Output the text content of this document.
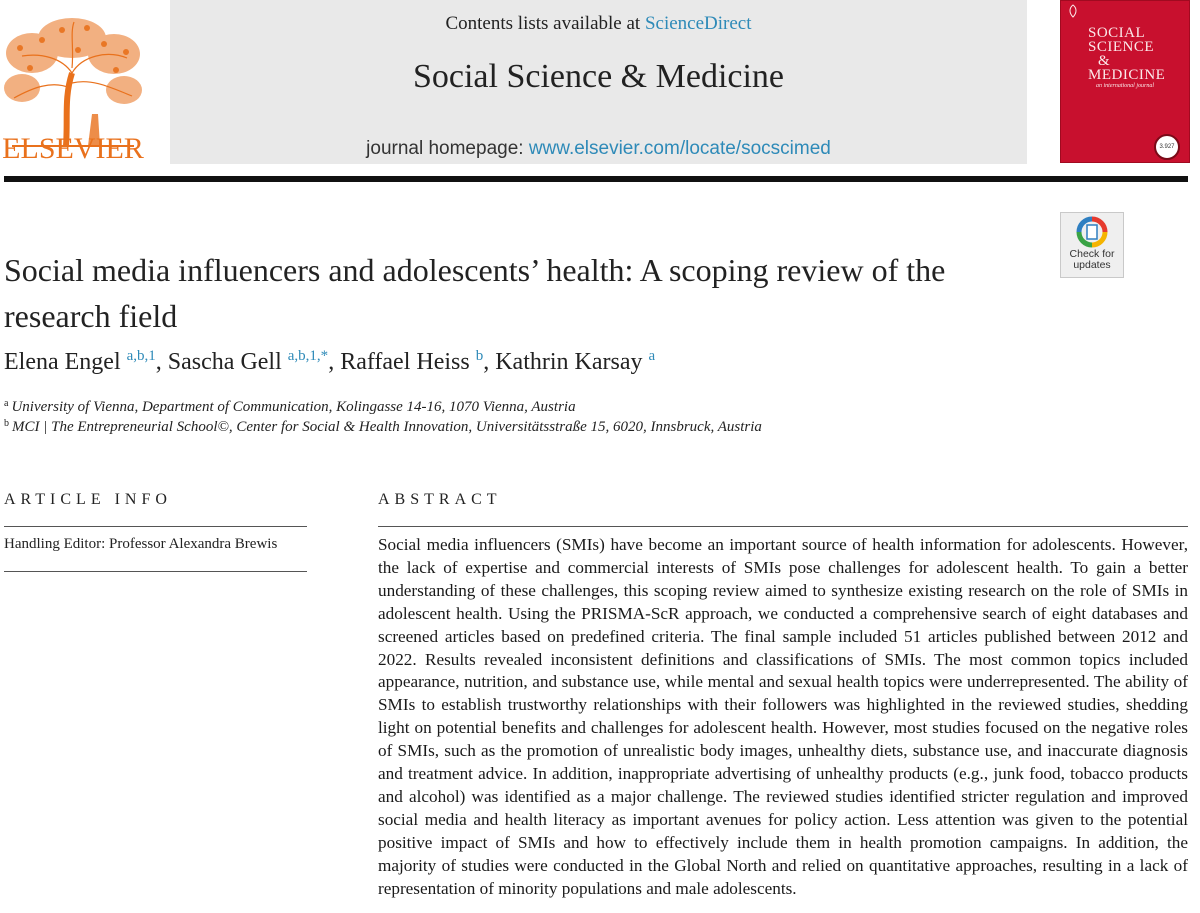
ELSEVIER
Contents lists available at ScienceDirect
Social Science & Medicine
journal homepage: www.elsevier.com/locate/socscimed
SOCIAL
SCIENCE
&
MEDICINE
an international journal
3.927
Check for
updates
Social media influencers and adolescents’ health: A scoping review of the
research field
Elena Engel $^{a,b,1}$, Sascha Gell $^{a,b,1,*}$, Raffael Heiss $^b$, Kathrin Karsay $^a$
$^a$ University of Vienna, Department of Communication, Kolingasse 14-16, 1070 Vienna, Austria
$^b$ MCI | The Entrepreneurial School©, Center for Social & Health Innovation, Universitätsstraße 15, 6020, Innsbruck, Austria
ARTICLE INFO
Handling Editor: Professor Alexandra Brewis
ABSTRACT
Social media influencers (SMIs) have become an important source of health information for adolescents. However, the lack of expertise and commercial interests of SMIs pose challenges for adolescent health. To gain a better understanding of these challenges, this scoping review aimed to synthesize existing research on the role of SMIs in adolescent health. Using the PRISMA-ScR approach, we conducted a comprehensive search of eight databases and screened articles based on predefined criteria. The final sample included 51 articles published between 2012 and 2022. Results revealed inconsistent definitions and classifications of SMIs. The most common topics included appearance, nutrition, and substance use, while mental and sexual health topics were underrepresented. The ability of SMIs to establish trustworthy relationships with their followers was highlighted in the reviewed studies, shedding light on potential benefits and challenges for adolescent health. However, most studies focused on the negative roles of SMIs, such as the promotion of unrealistic body images, unhealthy diets, substance use, and inaccurate diagnosis and treatment advice. In addition, inappropriate advertising of unhealthy products (e.g., junk food, tobacco products and alcohol) was identified as a major challenge. The reviewed studies identified stricter regulation and improved social media and health literacy as important avenues for policy action. Less attention was given to the potential positive impact of SMIs and how to effectively include them in health promotion campaigns. In addition, the majority of studies were conducted in the Global North and relied on quantitative approaches, resulting in a lack of representation of minority populations and male adolescents.
